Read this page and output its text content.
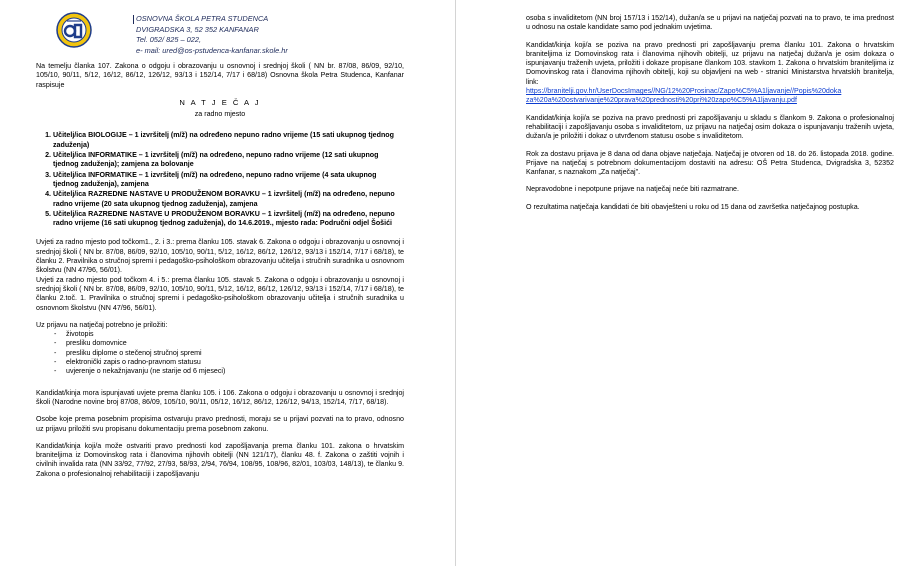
OSNOVNA ŠKOLA PETRA STUDENCA
DVIGRADSKA 3, 52 352 KANFANAR
Tel. 052/ 825 – 022,
e- mail: ured@os-pstudenca-kanfanar.skole.hr

Na temelju članka 107. Zakona o odgoju i obrazovanju u osnovnoj i srednjoj školi ( NN br. 87/08, 86/09, 92/10, 105/10, 90/11, 5/12, 16/12, 86/12, 126/12, 93/13 i 152/14, 7/17 i 68/18) Osnovna škola Petra Studenca, Kanfanar raspisuje

N A T J E Č A J
za radno mjesto
1. Učitelj/ica BIOLOGIJE – 1 izvršitelj (m/ž) na određeno nepuno radno vrijeme (15 sati ukupnog tjednog zaduženja)
2. Učitelj/ica INFORMATIKE – 1 izvršitelj (m/ž) na određeno, nepuno radno vrijeme (12 sati ukupnog tjednog zaduženja); zamjena za bolovanje
3. Učitelj/ica INFORMATIKE – 1 izvršitelj (m/ž) na određeno, nepuno radno vrijeme (4 sata ukupnog tjednog zaduženja), zamjena
4. Učitelj/ica RAZREDNE NASTAVE U PRODUŽENOM BORAVKU – 1 izvršitelj (m/ž) na određeno, nepuno radno vrijeme (20 sata ukupnog tjednog zaduženja), zamjena
5. Učitelj/ica RAZREDNE NASTAVE U PRODUŽENOM BORAVKU – 1 izvršitelj (m/ž) na određeno, nepuno radno vrijeme (16 sati ukupnog tjednog zaduženja), do 14.6.2019., mjesto rada: Područni odjel Šošići

Uvjeti za radno mjesto pod točkom1., 2. i 3.: prema članku 105. stavak 6. Zakona o odgoju i obrazovanju u osnovnoj i srednjoj školi ( NN br. 87/08, 86/09, 92/10, 105/10, 90/11, 5/12, 16/12, 86/12, 126/12, 93/13 i 152/14, 7/17 i 68/18), te članku 2. Pravilnika o stručnoj spremi i pedagoško-psihološkom obrazovanju učitelja i stručnih suradnika u osnovnom školstvu (NN 47/96, 56/01).

Uvjeti za radno mjesto pod točkom 4. i 5.: prema članku 105. stavak 5. Zakona o odgoju i obrazovanju u osnovnoj i srednjoj školi ( NN br. 87/08, 86/09, 92/10, 105/10, 90/11, 5/12, 16/12, 86/12, 126/12, 93/13 i 152/14, 7/17 i 68/18), te članku 2.toč. 1. Pravilnika o stručnoj spremi i pedagoško-psihološkom obrazovanju učitelja i stručnih suradnika u osnovnom školstvu (NN 47/96, 56/01).

Uz prijavu na natječaj potrebno je priložiti:

- životopis
- presliku domovnice
- presliku diplome o stečenoj stručnoj spremi
- elektronički zapis o radno-pravnom statusu
- uvjerenje o nekažnjavanju (ne starije od 6 mjeseci)

Kandidat/kinja mora ispunjavati uvjete prema članku 105. i 106. Zakona o odgoju i obrazovanju u osnovnoj i srednjoj školi (Narodne novine broj 87/08, 86/09, 105/10, 90/11, 05/12, 16/12, 86/12, 126/12, 94/13, 152/14, 7/17, 68/18).

Osobe koje prema posebnim propisima ostvaruju pravo prednosti, moraju se u prijavi pozvati na to pravo, odnosno uz prijavu priložiti svu propisanu dokumentaciju prema posebnom zakonu.

Kandidat/kinja koji/a može ostvariti pravo prednosti kod zapošljavanja prema članku 101. zakona o hrvatskim braniteljima iz Domovinskog rata i članovima njihovih obitelji (NN 121/17), članku 48. f. Zakona o zaštiti vojnih i civilnih invalida rata (NN 33/92, 77/92, 27/93, 58/93, 2/94, 76/94, 108/95, 108/96, 82/01, 103/03, 148/13), te članku 9. Zakona o profesionalnoj rehabilitaciji i zapošljavanju

osoba s invaliditetom (NN broj 157/13 i 152/14), dužan/a se u prijavi na natječaj pozvati na to pravo, te ima prednost u odnosu na ostale kandidate samo pod jednakim uvjetima.

Kandidat/kinja koji/a se poziva na pravo prednosti pri zapošljavanju prema članku 101. Zakona o hrvatskim braniteljima iz Domovinskog rata i članovima njihovih obitelji, uz prijavu na natječaj dužan/a je osim dokaza o ispunjavanju traženih uvjeta, priložiti i dokaze propisane člankom 103. stavkom 1. Zakona o hrvatskim braniteljima iz Domovinskog rata i članovima njihovih obitelji, koji su objavljeni na web - stranici Ministarstva hrvatskih branitelja, link:

https://branitelji.gov.hr/UserDocsImages//NG/12%20Prosinac/Zapo%C5%A1ljavanje//Popis%20doka za%20a%20ostvarivanje%20prava%20prednosti%20pri%20zapo%C5%A1ljavanju.pdf

Kandidat/kinja koji/a se poziva na pravo prednosti pri zapošljavanju u skladu s člankom 9. Zakona o profesionalnoj rehabilitaciji i zapošljavanju osoba s invaliditetom, uz prijavu na natječaj osim dokaza o ispunjavanju traženih uvjeta, dužan/a je priložiti i dokaz o utvrđenom statusu osobe s invaliditetom.

Rok za dostavu prijava je 8 dana od dana objave natječaja. Natječaj je otvoren od 18. do 26. listopada 2018. godine. Prijave na natječaj s potrebnom dokumentacijom dostaviti na adresu: OŠ Petra Studenca, Dvigradska 3, 52352 Kanfanar, s naznakom „Za natječaj".

Nepravodobne i nepotpune prijave na natječaj neće biti razmatrane.

O rezultatima natječaja kandidati će biti obavješteni u roku od 15 dana od završetka natječajnog postupka.
